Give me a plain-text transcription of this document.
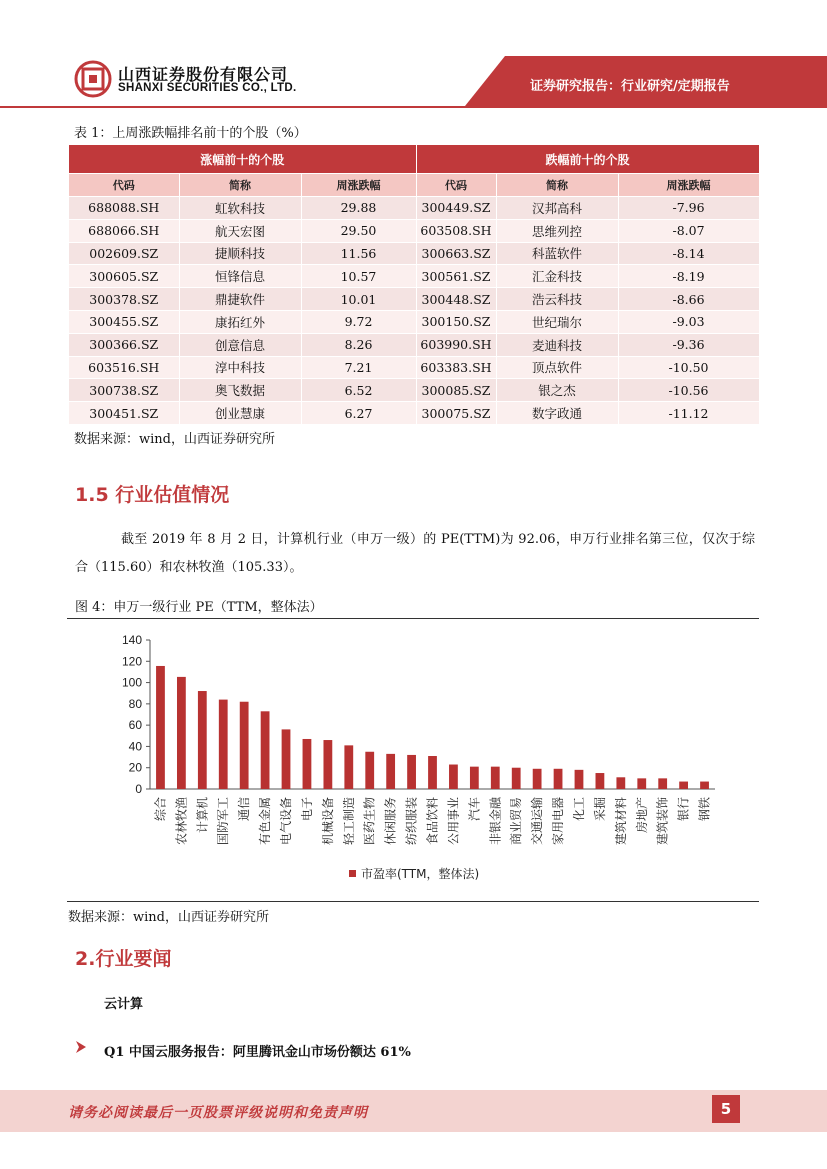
山西证券股份有限公司
SHANXI SECURITIES CO., LTD.	证券研究报告：行业研究/定期报告
表 1：上周涨跌幅排名前十的个股（%）
涨幅前十的个股			跌幅前十的个股		
代码	简称	周涨跌幅	代码	简称	周涨跌幅
688088.SH	虹软科技	29.88	300449.SZ	汉邦高科	-7.96
688066.SH	航天宏图	29.50	603508.SH	思维列控	-8.07
002609.SZ	捷顺科技	11.56	300663.SZ	科蓝软件	-8.14
300605.SZ	恒锋信息	10.57	300561.SZ	汇金科技	-8.19
300378.SZ	鼎捷软件	10.01	300448.SZ	浩云科技	-8.66
300455.SZ	康拓红外	9.72	300150.SZ	世纪瑞尔	-9.03
300366.SZ	创意信息	8.26	603990.SH	麦迪科技	-9.36
603516.SH	淳中科技	7.21	603383.SH	顶点软件	-10.50
300738.SZ	奥飞数据	6.52	300085.SZ	银之杰	-10.56
300451.SZ	创业慧康	6.27	300075.SZ	数字政通	-11.12
数据来源：wind，山西证券研究所
1.5 行业估值情况
截至 2019 年 8 月 2 日，计算机行业（申万一级）的 PE(TTM)为 92.06，申万行业排名第三位，仅次于综合（115.60）和农林牧渔（105.33）。
图 4：申万一级行业 PE（TTM，整体法）
0
20
40
60
80
100
120
140
综合 农林牧渔 计算机 国防军工 通信 有色金属 电气设备 电子 机械设备 轻工制造 医药生物 休闲服务 纺织服装 食品饮料 公用事业 汽车 非银金融 商业贸易 交通运输 家用电器 化工 采掘 建筑材料 房地产 建筑装饰 银行 钢铁
市盈率(TTM，整体法)
数据来源：wind，山西证券研究所
2.行业要闻
云计算
Q1 中国云服务报告：阿里腾讯金山市场份额达 61%
请务必阅读最后一页股票评级说明和免责声明	5
